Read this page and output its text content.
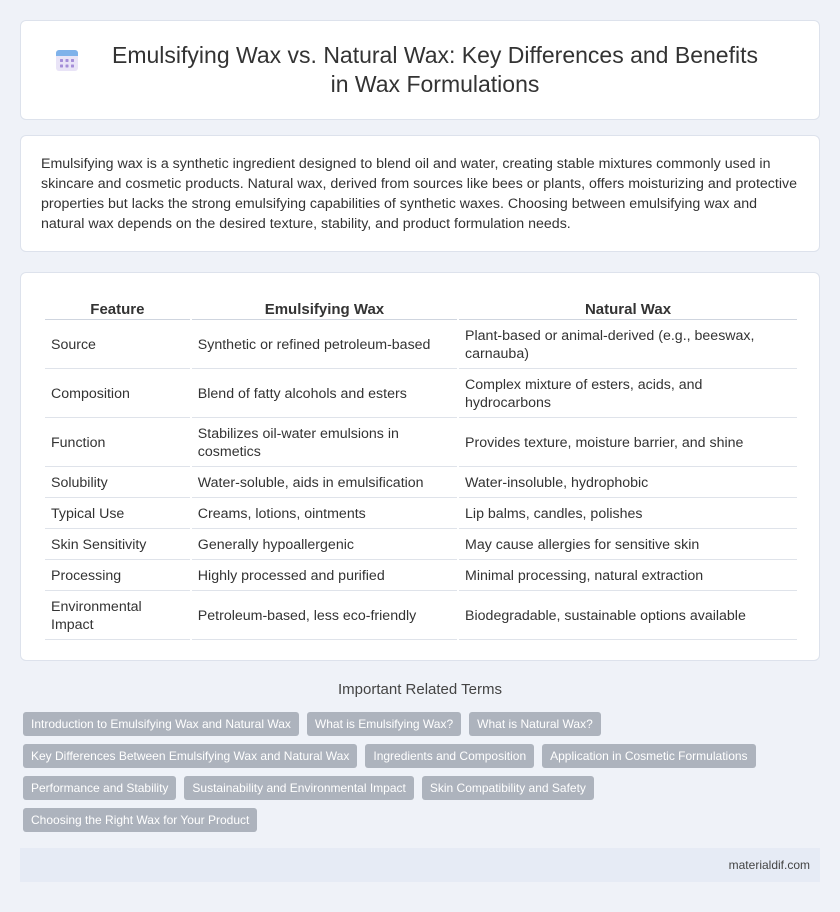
Emulsifying Wax vs. Natural Wax: Key Differences and Benefits in Wax Formulations

Emulsifying wax is a synthetic ingredient designed to blend oil and water, creating stable mixtures commonly used in skincare and cosmetic products. Natural wax, derived from sources like bees or plants, offers moisturizing and protective properties but lacks the strong emulsifying capabilities of synthetic waxes. Choosing between emulsifying wax and natural wax depends on the desired texture, stability, and product formulation needs.

Feature	Emulsifying Wax	Natural Wax
Source	Synthetic or refined petroleum-based	Plant-based or animal-derived (e.g., beeswax, carnauba)
Composition	Blend of fatty alcohols and esters	Complex mixture of esters, acids, and hydrocarbons
Function	Stabilizes oil-water emulsions in cosmetics	Provides texture, moisture barrier, and shine
Solubility	Water-soluble, aids in emulsification	Water-insoluble, hydrophobic
Typical Use	Creams, lotions, ointments	Lip balms, candles, polishes
Skin Sensitivity	Generally hypoallergenic	May cause allergies for sensitive skin
Processing	Highly processed and purified	Minimal processing, natural extraction
Environmental Impact	Petroleum-based, less eco-friendly	Biodegradable, sustainable options available
Important Related Terms
Introduction to Emulsifying Wax and Natural Wax	What is Emulsifying Wax?	What is Natural Wax?
Key Differences Between Emulsifying Wax and Natural Wax	Ingredients and Composition	Application in Cosmetic Formulations
Performance and Stability	Sustainability and Environmental Impact	Skin Compatibility and Safety
Choosing the Right Wax for Your Product
materialdif.com
